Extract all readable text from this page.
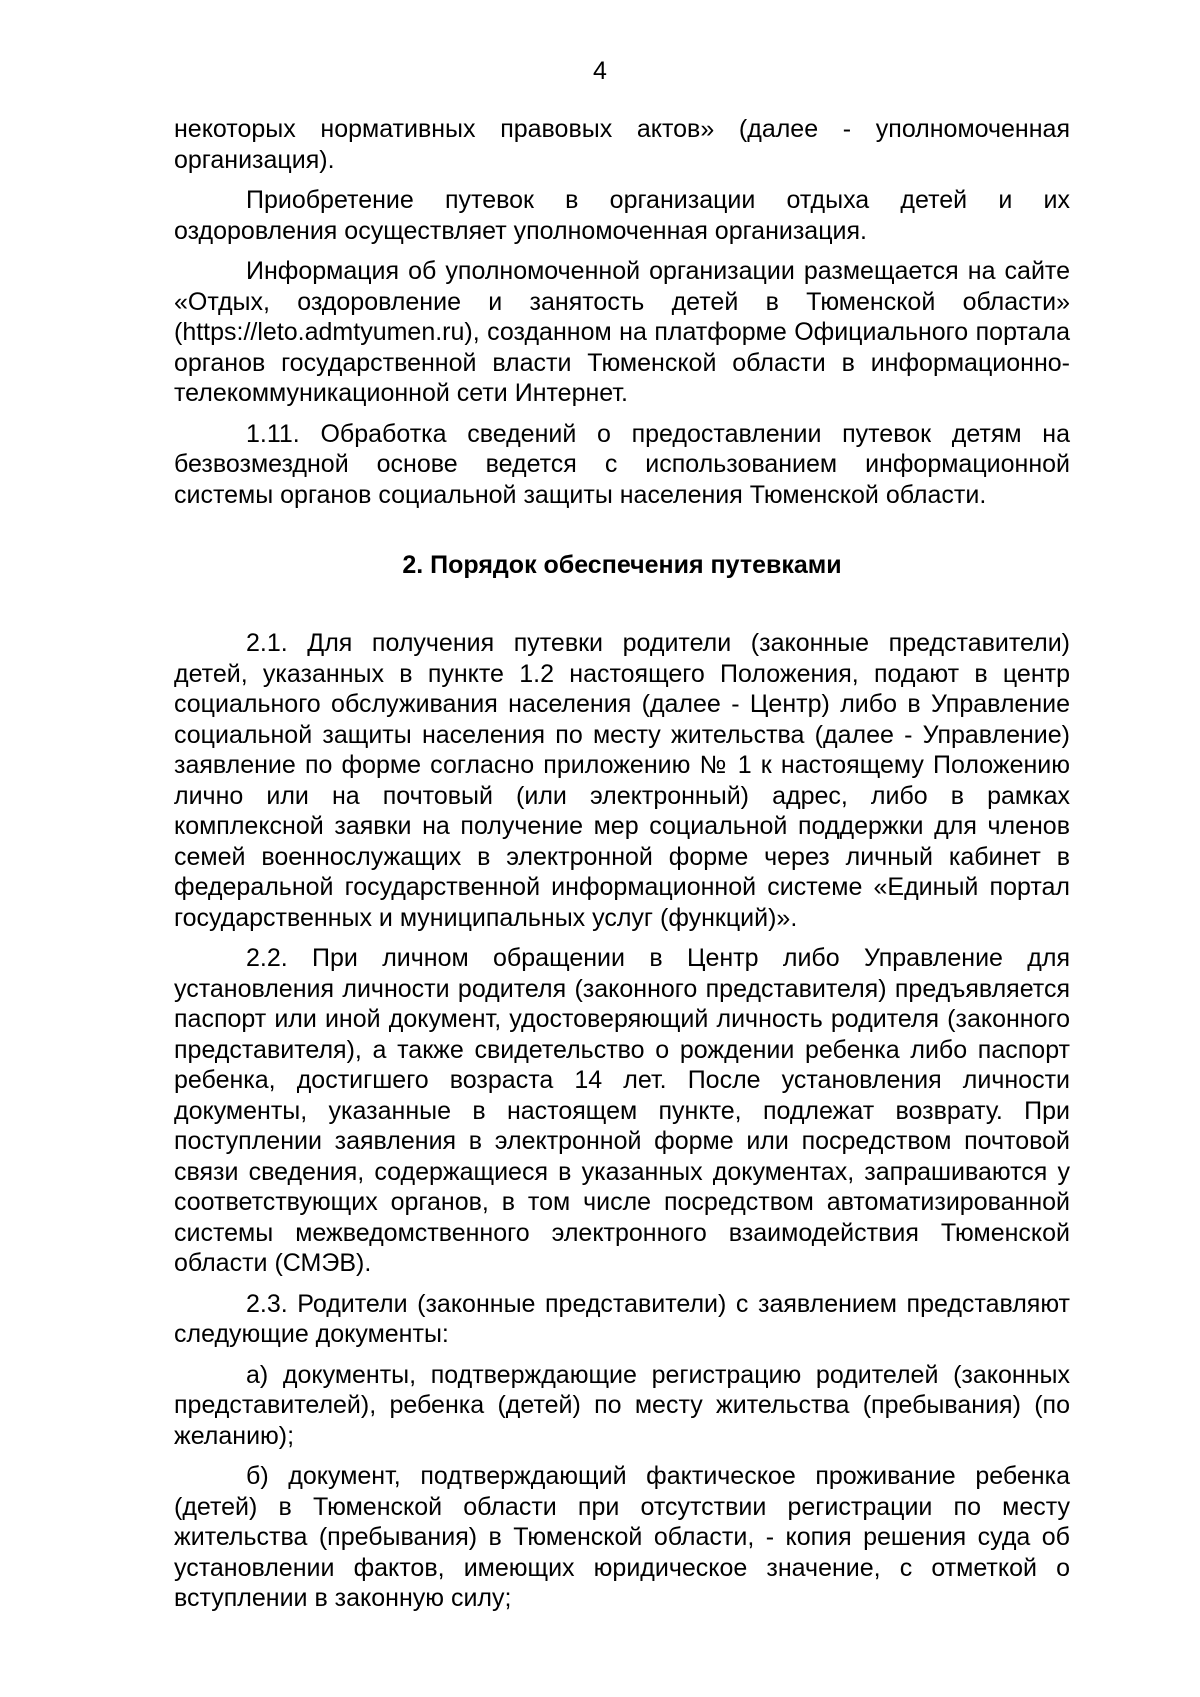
4

некоторых нормативных правовых актов» (далее - уполномоченная организация).

Приобретение путевок в организации отдыха детей и их оздоровления осуществляет уполномоченная организация.

Информация об уполномоченной организации размещается на сайте «Отдых, оздоровление и занятость детей в Тюменской области» (https://leto.admtyumen.ru), созданном на платформе Официального портала органов государственной власти Тюменской области в информационно-телекоммуникационной сети Интернет.

1.11. Обработка сведений о предоставлении путевок детям на безвозмездной основе ведется с использованием информационной системы органов социальной защиты населения Тюменской области.

2. Порядок обеспечения путевками

2.1. Для получения путевки родители (законные представители) детей, указанных в пункте 1.2 настоящего Положения, подают в центр социального обслуживания населения (далее - Центр) либо в Управление социальной защиты населения по месту жительства (далее - Управление) заявление по форме согласно приложению № 1 к настоящему Положению лично или на почтовый (или электронный) адрес, либо в рамках комплексной заявки на получение мер социальной поддержки для членов семей военнослужащих в электронной форме через личный кабинет в федеральной государственной информационной системе «Единый портал государственных и муниципальных услуг (функций)».

2.2. При личном обращении в Центр либо Управление для установления личности родителя (законного представителя) предъявляется паспорт или иной документ, удостоверяющий личность родителя (законного представителя), а также свидетельство о рождении ребенка либо паспорт ребенка, достигшего возраста 14 лет. После установления личности документы, указанные в настоящем пункте, подлежат возврату. При поступлении заявления в электронной форме или посредством почтовой связи сведения, содержащиеся в указанных документах, запрашиваются у соответствующих органов, в том числе посредством автоматизированной системы межведомственного электронного взаимодействия Тюменской области (СМЭВ).

2.3. Родители (законные представители) с заявлением представляют следующие документы:

а) документы, подтверждающие регистрацию родителей (законных представителей), ребенка (детей) по месту жительства (пребывания) (по желанию);

б) документ, подтверждающий фактическое проживание ребенка (детей) в Тюменской области при отсутствии регистрации по месту жительства (пребывания) в Тюменской области, - копия решения суда об установлении фактов, имеющих юридическое значение, с отметкой о вступлении в законную силу;
